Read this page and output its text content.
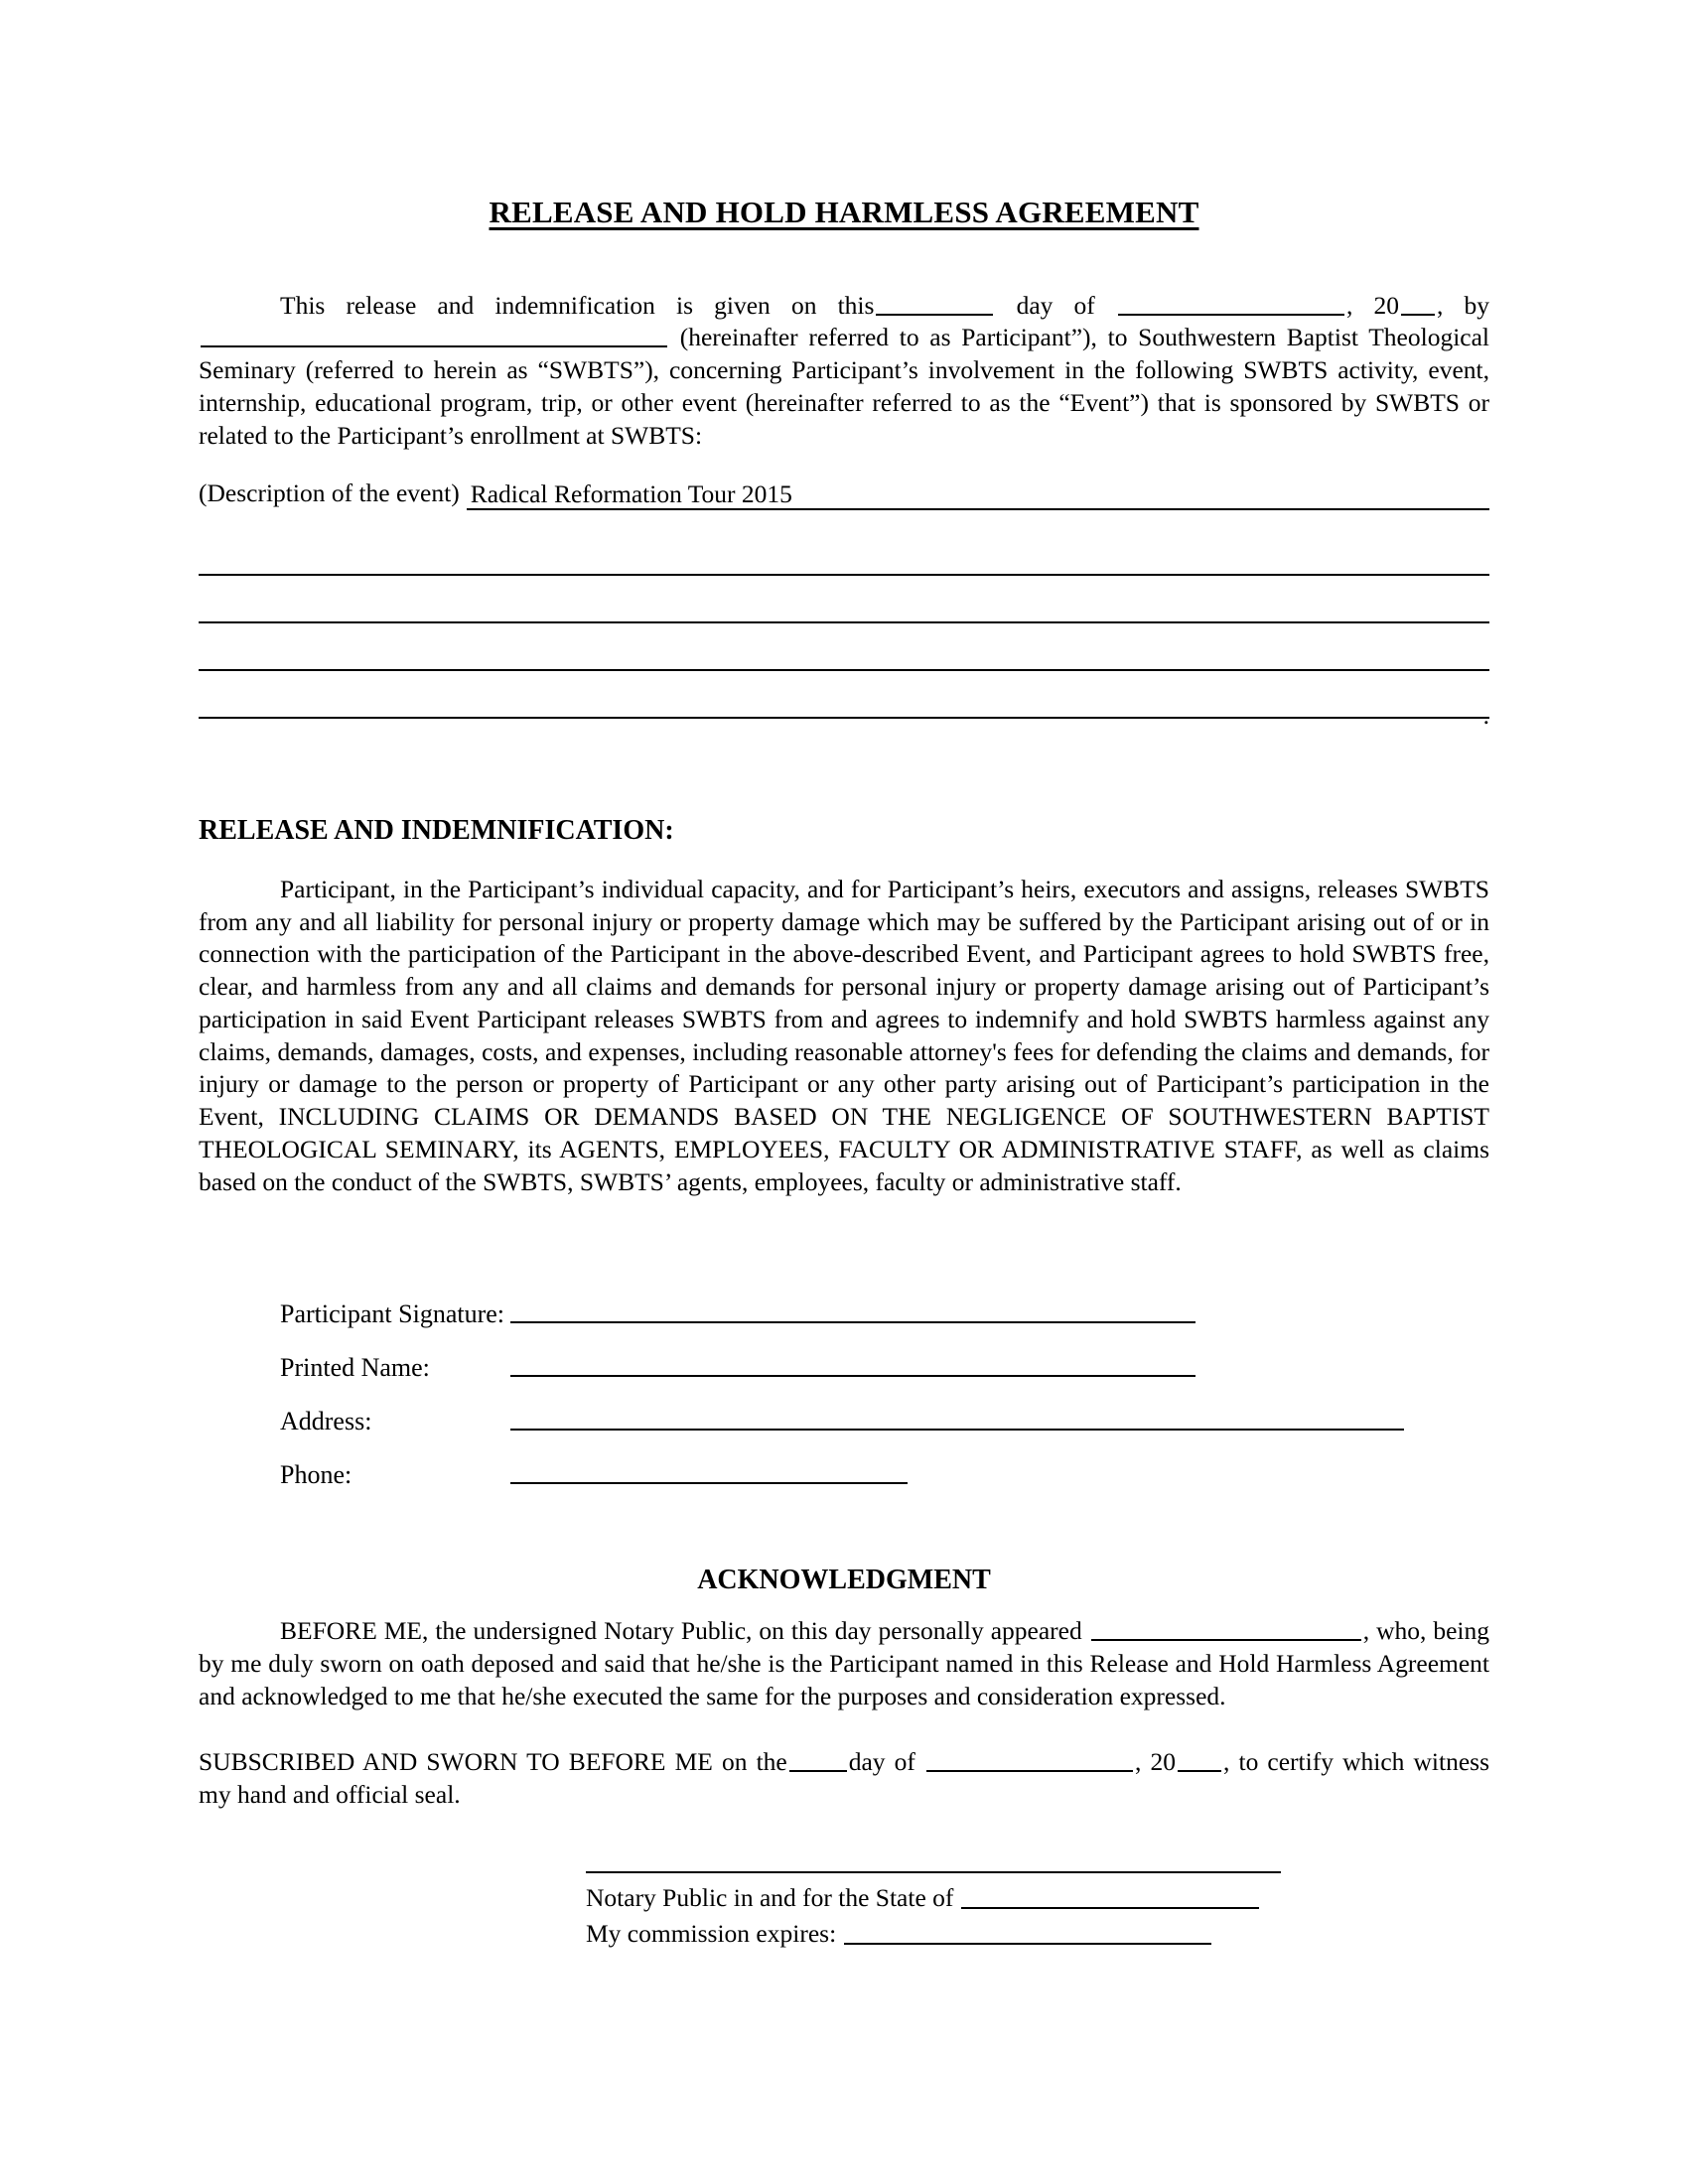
RELEASE AND HOLD HARMLESS AGREEMENT

This release and indemnification is given on this	day of	, 20 , by  (hereinafter referred to as Participant”), to Southwestern Baptist Theological Seminary (referred to herein as “SWBTS”), concerning Participant’s involvement in the following SWBTS activity, event, internship, educational program, trip, or other event (hereinafter referred to as the “Event”) that is sponsored by SWBTS or related to the Participant’s enrollment at SWBTS:

(Description of the event) Radical Reformation Tour 2015
.
RELEASE AND INDEMNIFICATION:

Participant, in the Participant’s individual capacity, and for Participant’s heirs, executors and assigns, releases SWBTS from any and all liability for personal injury or property damage which may be suffered by the Participant arising out of or in connection with the participation of the Participant in the above-described Event, and Participant agrees to hold SWBTS free, clear, and harmless from any and all claims and demands for personal injury or property damage arising out of Participant’s participation in said Event Participant releases SWBTS from and agrees to indemnify and hold SWBTS harmless against any claims, demands, damages, costs, and expenses, including reasonable attorney's fees for defending the claims and demands, for injury or damage to the person or property of Participant or any other party arising out of Participant’s participation in the Event, INCLUDING CLAIMS OR DEMANDS BASED ON THE NEGLIGENCE OF SOUTHWESTERN BAPTIST THEOLOGICAL SEMINARY, its AGENTS, EMPLOYEES, FACULTY OR ADMINISTRATIVE STAFF, as well as claims based on the conduct of the SWBTS, SWBTS’ agents, employees, faculty or administrative staff.

Participant Signature:
Printed Name:
Address:
Phone:
ACKNOWLEDGMENT

BEFORE ME, the undersigned Notary Public, on this day personally appeared	, who, being by me duly sworn on oath deposed and said that he/she is the Participant named in this Release and Hold Harmless Agreement and acknowledged to me that he/she executed the same for the purposes and consideration expressed.

SUBSCRIBED AND SWORN TO BEFORE ME on the day of	, 20 , to certify which witness my hand and official seal.

Notary Public in and for the State of
My commission expires:
